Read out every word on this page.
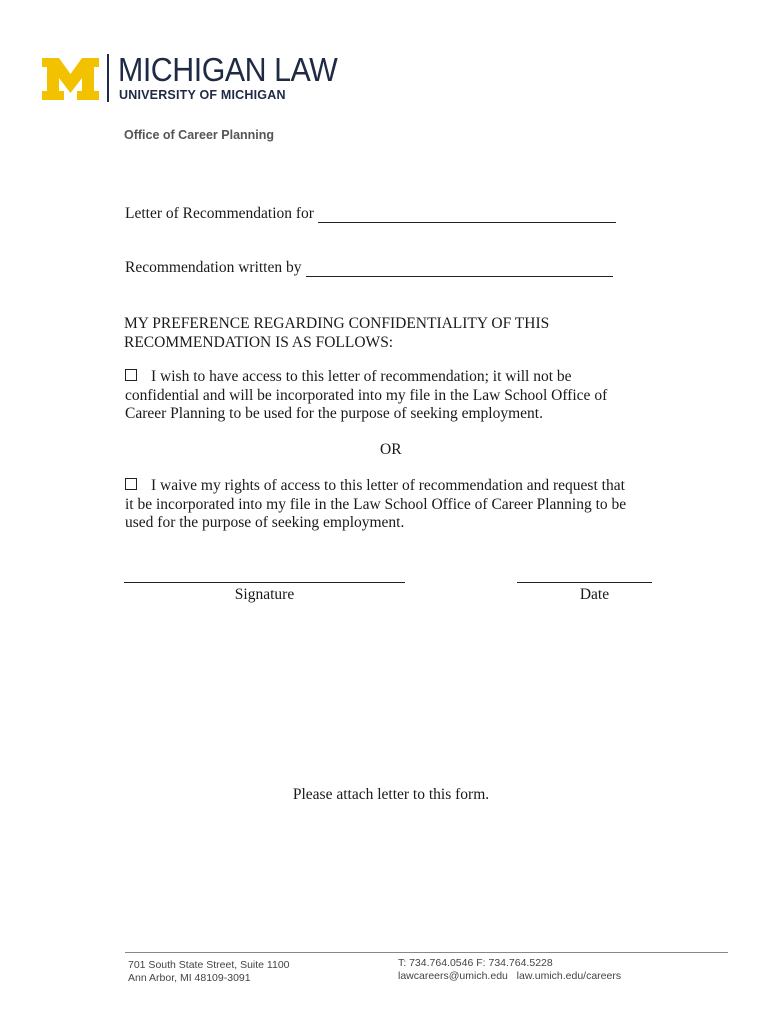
MICHIGAN LAW
UNIVERSITY OF MICHIGAN
Office of Career Planning
Letter of Recommendation for
Recommendation written by
MY PREFERENCE REGARDING CONFIDENTIALITY OF THIS
RECOMMENDATION IS AS FOLLOWS:
I wish to have access to this letter of recommendation; it will not be
confidential and will be incorporated into my file in the Law School Office of
Career Planning to be used for the purpose of seeking employment.
OR
I waive my rights of access to this letter of recommendation and request that
it be incorporated into my file in the Law School Office of Career Planning to be
used for the purpose of seeking employment.
Signature	Date
Please attach letter to this form.
701 South State Street, Suite 1100
Ann Arbor, MI 48109-3091
T: 734.764.0546 F: 734.764.5228
lawcareers@umich.edu law.umich.edu/careers
